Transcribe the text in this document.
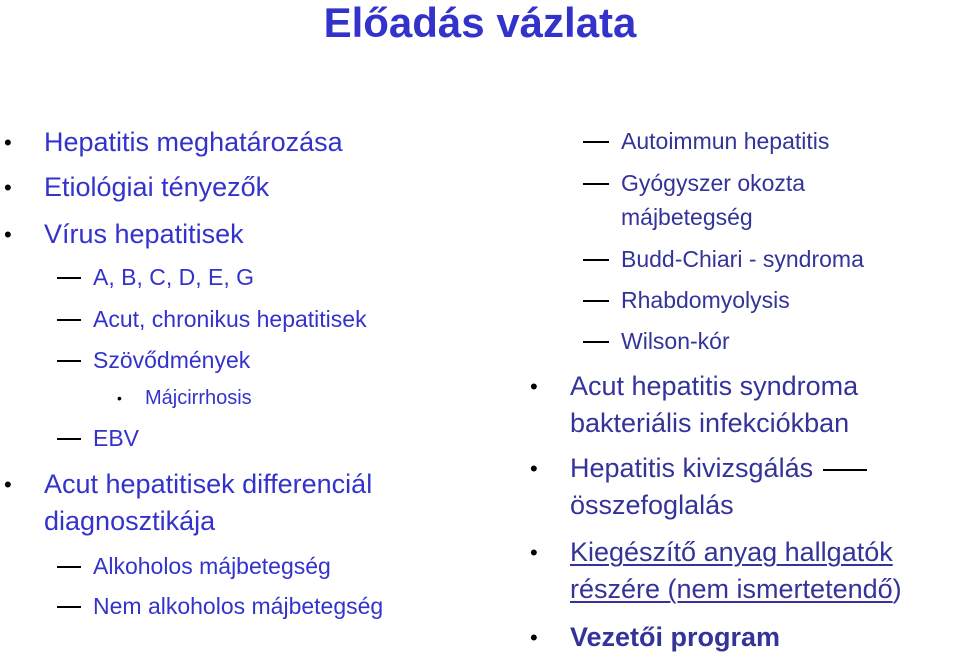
Előadás vázlata
• Hepatitis meghatározása
• Etiológiai tényezők
• Vírus hepatitisek
A, B, C, D, E, G
Acut, chronikus hepatitisek
Szövődmények
• Májcirrhosis
EBV
• Acut hepatitisek differenciál
diagnosztikája
Alkoholos májbetegség
Nem alkoholos májbetegség
Autoimmun hepatitis
Gyógyszer okozta
májbetegség
Budd-Chiari - syndroma
Rhabdomyolysis
Wilson-kór
• Acut hepatitis syndroma
bakteriális infekciókban
• Hepatitis kivizsgálás
összefoglalás
• Kiegészítő anyag hallgatók
részére (nem ismertetendő)
• Vezetői program
